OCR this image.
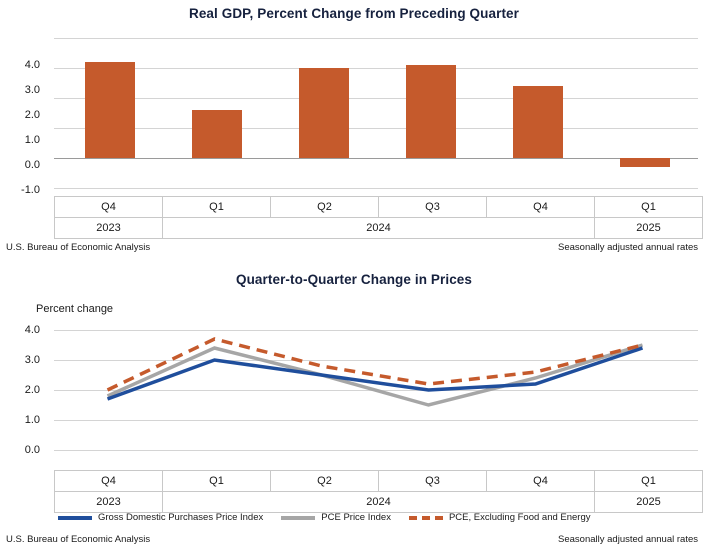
Real GDP, Percent Change from Preceding Quarter
4.0
3.0
2.0
1.0
0.0
-1.0
Q4	Q1	Q2	Q3	Q4	Q1
2023	2024				2025
U.S. Bureau of Economic Analysis	Seasonally adjusted annual rates
Quarter-to-Quarter Change in Prices
Percent change
4.0
3.0
2.0
1.0
0.0
Q4	Q1	Q2	Q3	Q4	Q1
2023	2024				2025
Gross Domestic Purchases Price Index	PCE Price Index	PCE, Excluding Food and Energy
U.S. Bureau of Economic Analysis	Seasonally adjusted annual rates
